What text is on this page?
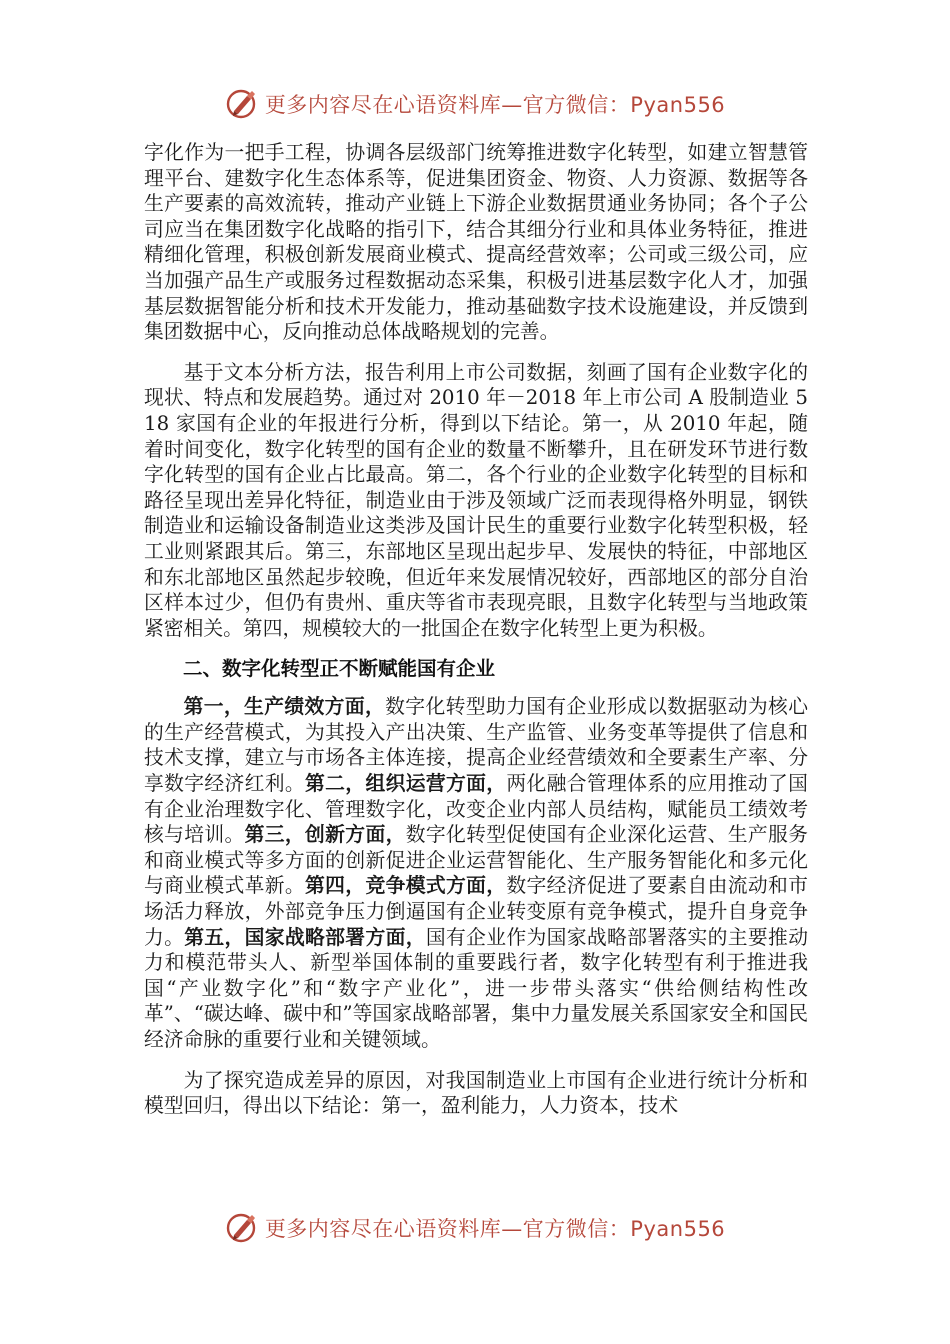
更多内容尽在心语资料库—官方微信：Pyan556

字化作为一把手工程，协调各层级部门统筹推进数字化转型，如建立智慧管理平台、建数字化生态体系等，促进集团资金、物资、人力资源、数据等各生产要素的高效流转，推动产业链上下游企业数据贯通业务协同；各个子公司应当在集团数字化战略的指引下，结合其细分行业和具体业务特征，推进精细化管理，积极创新发展商业模式、提高经营效率；公司或三级公司，应当加强产品生产或服务过程数据动态采集，积极引进基层数字化人才，加强基层数据智能分析和技术开发能力，推动基础数字技术设施建设，并反馈到集团数据中心，反向推动总体战略规划的完善。

基于文本分析方法，报告利用上市公司数据，刻画了国有企业数字化的现状、特点和发展趋势。通过对 2010 年－2018 年上市公司 A 股制造业 518 家国有企业的年报进行分析，得到以下结论。第一，从 2010 年起，随着时间变化，数字化转型的国有企业的数量不断攀升，且在研发环节进行数字化转型的国有企业占比最高。第二，各个行业的企业数字化转型的目标和路径呈现出差异化特征，制造业由于涉及领域广泛而表现得格外明显，钢铁制造业和运输设备制造业这类涉及国计民生的重要行业数字化转型积极，轻工业则紧跟其后。第三，东部地区呈现出起步早、发展快的特征，中部地区和东北部地区虽然起步较晚，但近年来发展情况较好，西部地区的部分自治区样本过少，但仍有贵州、重庆等省市表现亮眼，且数字化转型与当地政策紧密相关。第四，规模较大的一批国企在数字化转型上更为积极。

二、数字化转型正不断赋能国有企业

第一，生产绩效方面，数字化转型助力国有企业形成以数据驱动为核心的生产经营模式，为其投入产出决策、生产监管、业务变革等提供了信息和技术支撑，建立与市场各主体连接，提高企业经营绩效和全要素生产率、分享数字经济红利。第二，组织运营方面，两化融合管理体系的应用推动了国有企业治理数字化、管理数字化，改变企业内部人员结构，赋能员工绩效考核与培训。第三，创新方面，数字化转型促使国有企业深化运营、生产服务和商业模式等多方面的创新促进企业运营智能化、生产服务智能化和多元化与商业模式革新。第四，竞争模式方面，数字经济促进了要素自由流动和市场活力释放，外部竞争压力倒逼国有企业转变原有竞争模式，提升自身竞争力。第五，国家战略部署方面，国有企业作为国家战略部署落实的主要推动力和模范带头人、新型举国体制的重要践行者，数字化转型有利于推进我国“产业数字化”和“数字产业化”，进一步带头落实“供给侧结构性改革”、“碳达峰、碳中和”等国家战略部署，集中力量发展关系国家安全和国民经济命脉的重要行业和关键领域。

为了探究造成差异的原因，对我国制造业上市国有企业进行统计分析和模型回归，得出以下结论：第一，盈利能力，人力资本，技术

更多内容尽在心语资料库—官方微信：Pyan556
